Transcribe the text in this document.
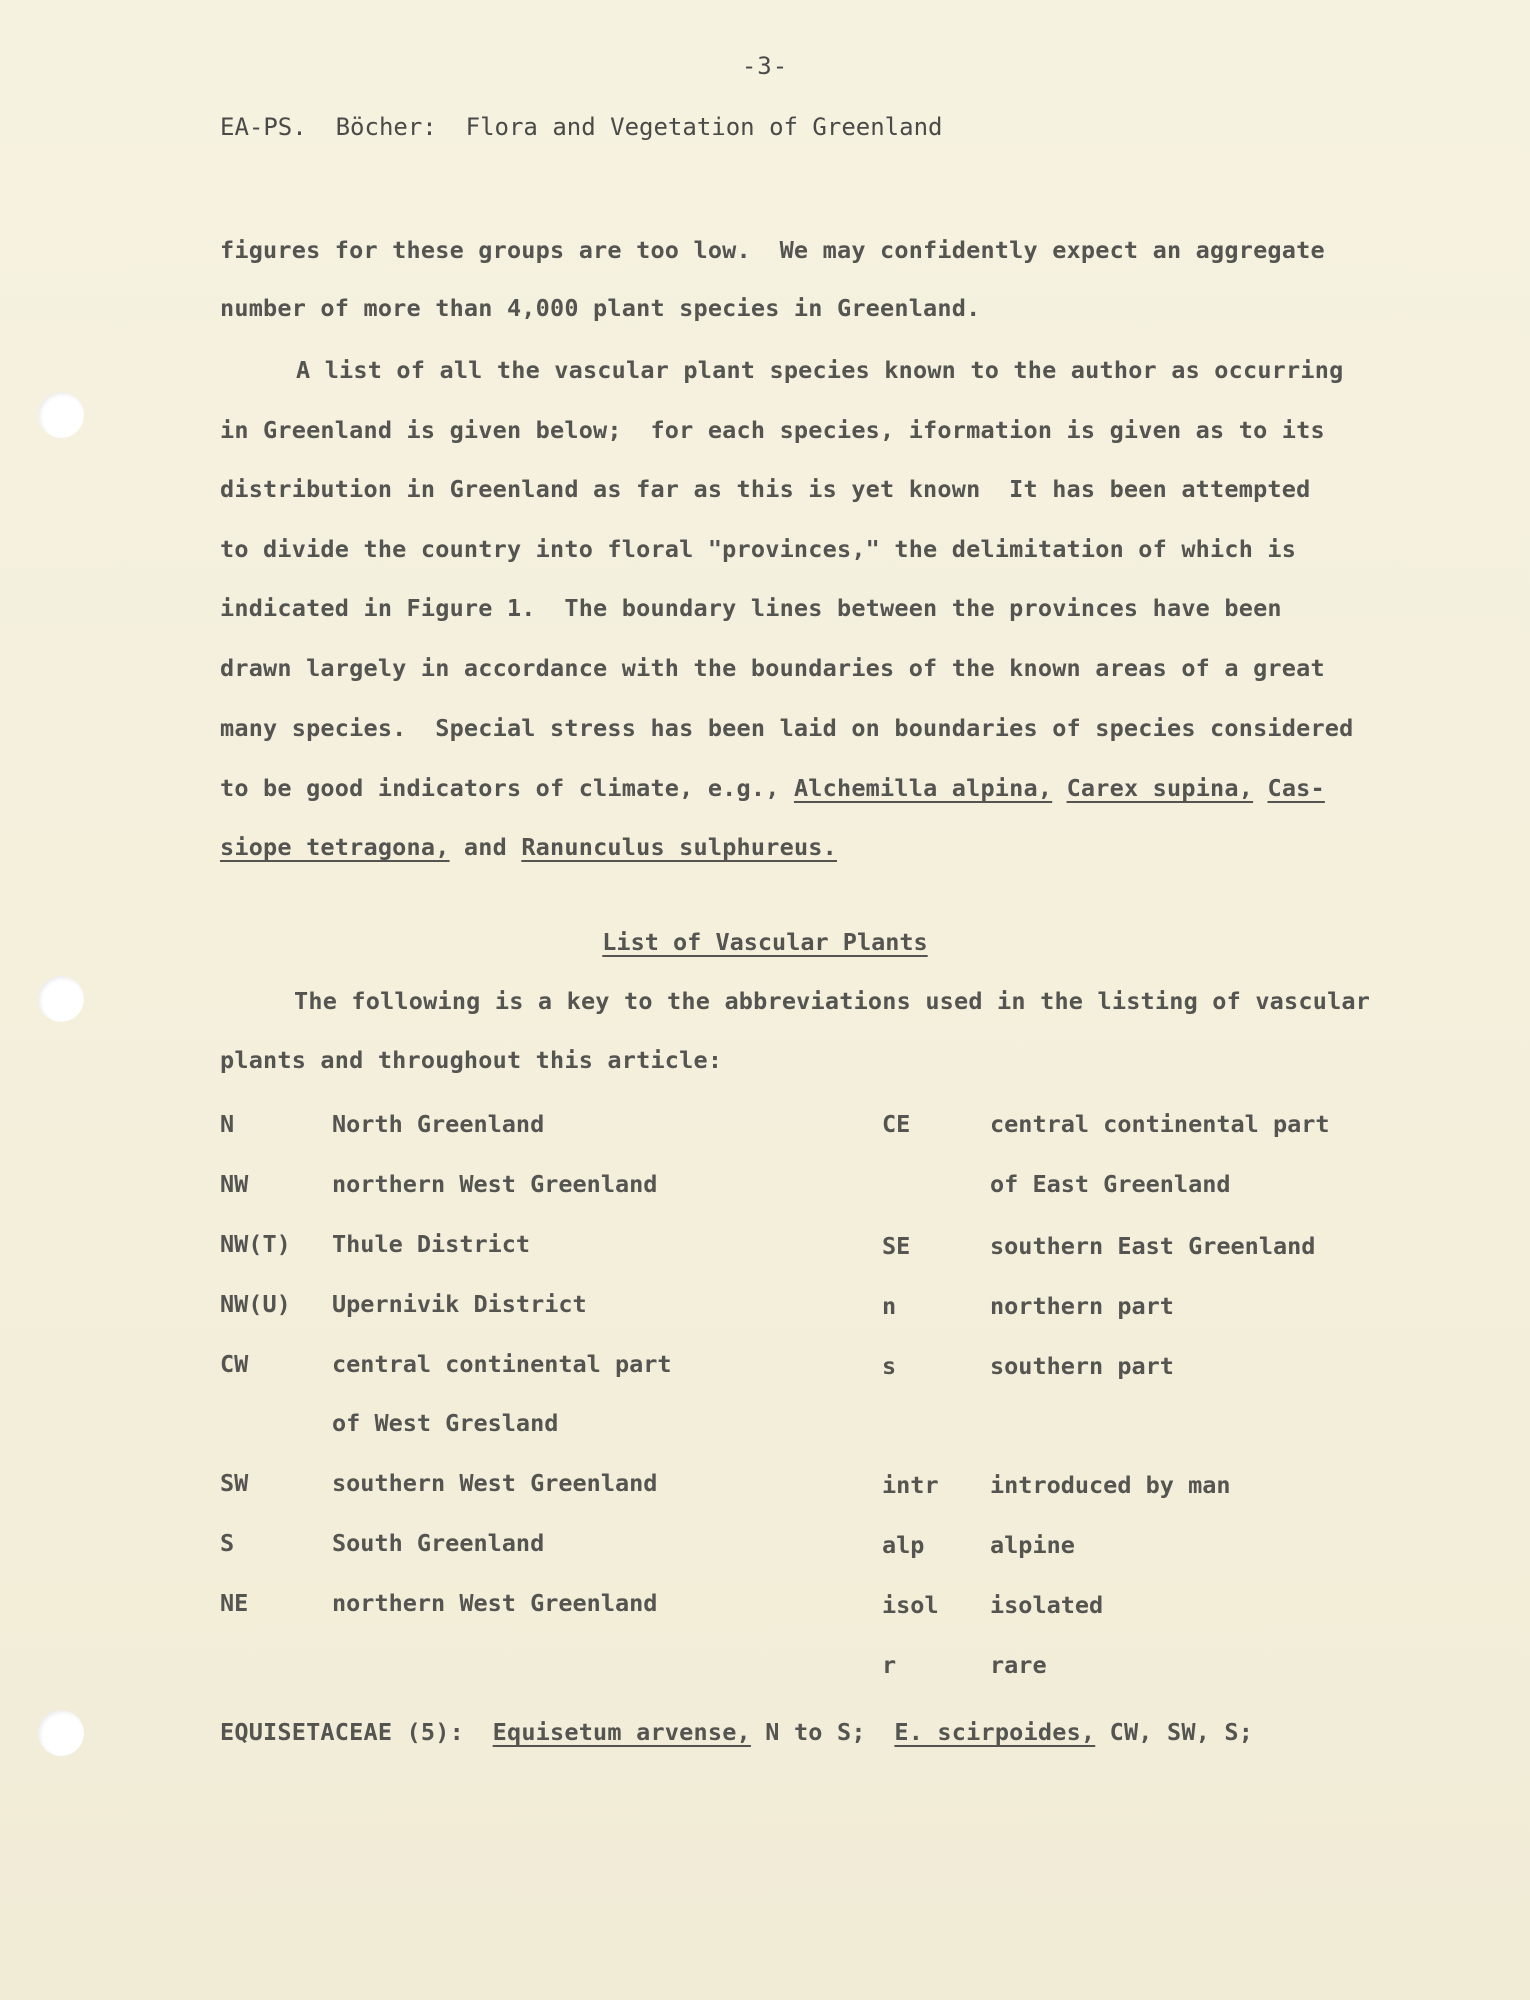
-3-
EA-PS.  Böcher:  Flora and Vegetation of Greenland
figures for these groups are too low.  We may confidently expect an aggregate
number of more than 4,000 plant species in Greenland.
A list of all the vascular plant species known to the author as occurring
in Greenland is given below;  for each species, iformation is given as to its
distribution in Greenland as far as this is yet known  It has been attempted
to divide the country into floral "provinces," the delimitation of which is
indicated in Figure 1.  The boundary lines between the provinces have been
drawn largely in accordance with the boundaries of the known areas of a great
many species.  Special stress has been laid on boundaries of species considered
to be good indicators of climate, e.g., Alchemilla alpina, Carex supina, Cas-
siope tetragona, and Ranunculus sulphureus.
List of Vascular Plants
The following is a key to the abbreviations used in the listing of vascular
plants and throughout this article:
N	North Greenland
NW	northern West Greenland
NW(T) Thule District
NW(U) Upernivik District
CW	central continental part
of West Gresland
SW	southern West Greenland
S	South Greenland
NE	northern West Greenland
CE	central continental part
of East Greenland
SE	southern East Greenland
n	northern part
s	southern part
intr introduced by man
alp	alpine
isol isolated
r	rare
EQUISETACEAE (5):  Equisetum arvense, N to S;  E. scirpoides, CW, SW, S;
